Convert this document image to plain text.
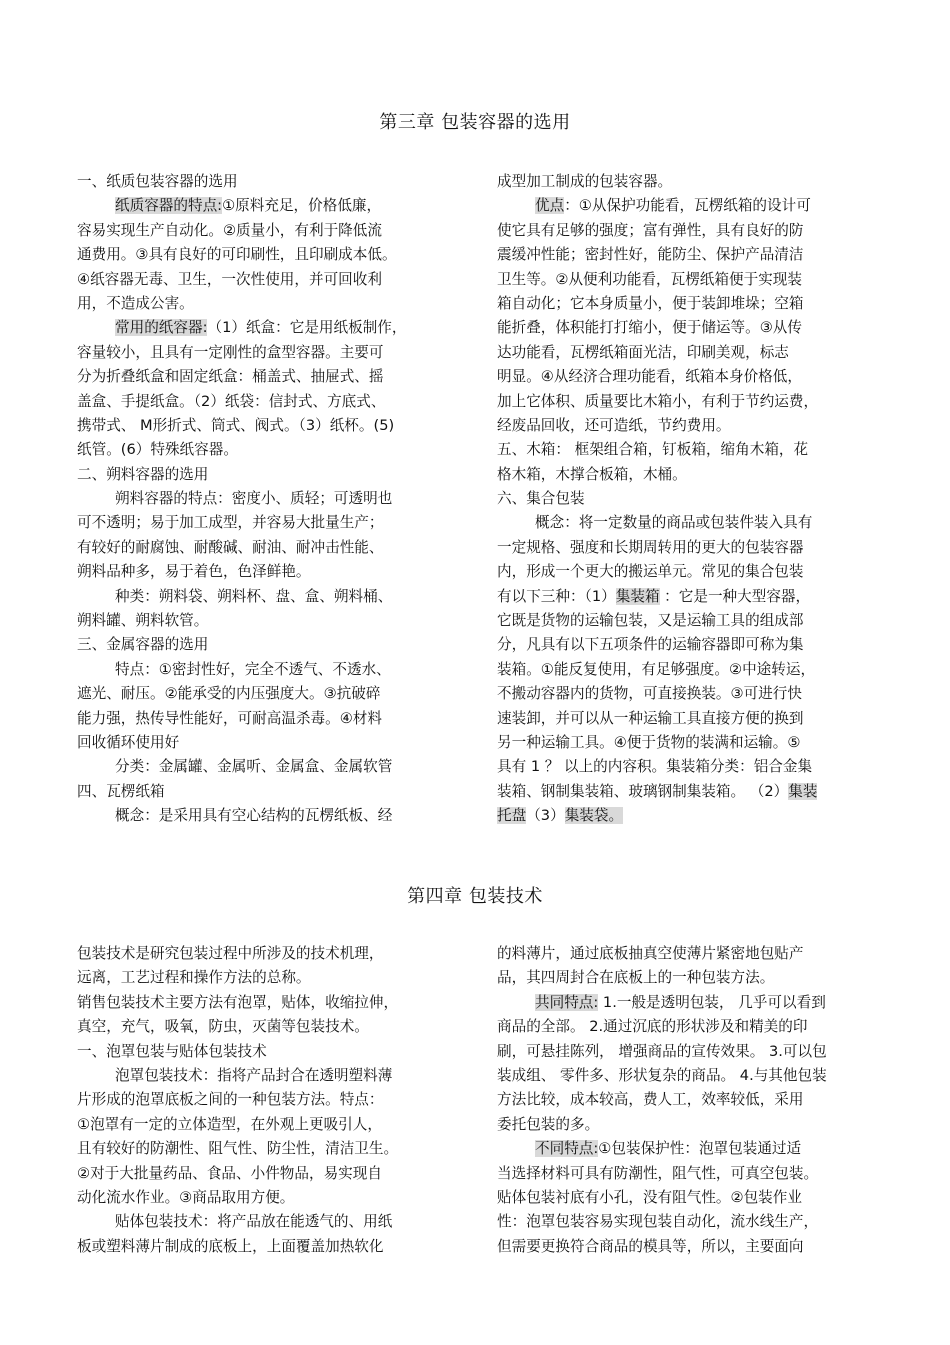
第三章 包装容器的选用
一、纸质包装容器的选用
纸质容器的特点:①原料充足，价格低廉，
容易实现生产自动化。②质量小，有利于降低流
通费用。③具有良好的可印刷性，且印刷成本低。
④纸容器无毒、卫生，一次性使用，并可回收利
用，不造成公害。
常用的纸容器:（1）纸盒：它是用纸板制作，
容量较小，且具有一定刚性的盒型容器。主要可
分为折叠纸盒和固定纸盒：桶盖式、抽屉式、摇
盖盒、手提纸盒。（2）纸袋：信封式、方底式、
携带式、 M形折式、筒式、阀式。（3）纸杯。(5)
纸管。(6）特殊纸容器。
二、朔料容器的选用
朔料容器的特点：密度小、质轻；可透明也
可不透明；易于加工成型，并容易大批量生产；
有较好的耐腐蚀、耐酸碱、耐油、耐冲击性能、
朔料品种多，易于着色，色泽鲜艳。
种类：朔料袋、朔料杯、盘、盒、朔料桶、
朔料罐、朔料软管。
三、金属容器的选用
特点：①密封性好，完全不透气、不透水、
遮光、耐压。②能承受的内压强度大。③抗破碎
能力强，热传导性能好，可耐高温杀毒。④材料
回收循环使用好
分类：金属罐、金属听、金属盒、金属软管
四、瓦楞纸箱
概念：是采用具有空心结构的瓦楞纸板、经
成型加工制成的包装容器。
优点：①从保护功能看，瓦楞纸箱的设计可
使它具有足够的强度；富有弹性，具有良好的防
震缓冲性能；密封性好，能防尘、保护产品清洁
卫生等。②从便利功能看，瓦楞纸箱便于实现装
箱自动化；它本身质量小，便于装卸堆垛；空箱
能折叠，体积能打打缩小，便于储运等。③从传
达功能看，瓦楞纸箱面光洁，印刷美观，标志
明显。④从经济合理功能看，纸箱本身价格低，
加上它体积、质量要比木箱小，有利于节约运费，
经废品回收，还可造纸，节约费用。
五、木箱： 框架组合箱，钉板箱，缩角木箱，花
格木箱，木撑合板箱，木桶。
六、集合包装
概念：将一定数量的商品或包装件装入具有
一定规格、强度和长期周转用的更大的包装容器
内，形成一个更大的搬运单元。常见的集合包装
有以下三种：（1）集装箱 ：它是一种大型容器，
它既是货物的运输包装，又是运输工具的组成部
分，凡具有以下五项条件的运输容器即可称为集
装箱。①能反复使用，有足够强度。②中途转运，
不搬动容器内的货物，可直接换装。③可进行快
速装卸，并可以从一种运输工具直接方便的换到
另一种运输工具。④便于货物的装满和运输。⑤
具有 1 ？ 以上的内容积。集装箱分类：铝合金集
装箱、钢制集装箱、玻璃钢制集装箱。 （2）集装
托盘（3）集装袋。
第四章 包装技术
包装技术是研究包装过程中所涉及的技术机理，
远离，工艺过程和操作方法的总称。
销售包装技术主要方法有泡罩，贴体，收缩拉伸，
真空，充气，吸氧，防虫，灭菌等包装技术。
一、泡罩包装与贴体包装技术
泡罩包装技术：指将产品封合在透明塑料薄
片形成的泡罩底板之间的一种包装方法。特点：
①泡罩有一定的立体造型，在外观上更吸引人，
且有较好的防潮性、阻气性、防尘性，清洁卫生。
②对于大批量药品、食品、小件物品，易实现自
动化流水作业。③商品取用方便。
贴体包装技术：将产品放在能透气的、用纸
板或塑料薄片制成的底板上，上面覆盖加热软化
的料薄片，通过底板抽真空使薄片紧密地包贴产
品，其四周封合在底板上的一种包装方法。
共同特点: 1.一般是透明包装， 几乎可以看到
商品的全部。 2.通过沉底的形状涉及和精美的印
刷，可悬挂陈列， 增强商品的宣传效果。 3.可以包
装成组、 零件多、形状复杂的商品。 4.与其他包装
方法比较，成本较高，费人工，效率较低，采用
委托包装的多。
不同特点:①包装保护性：泡罩包装通过适
当选择材料可具有防潮性，阻气性，可真空包装。
贴体包装衬底有小孔，没有阻气性。②包装作业
性：泡罩包装容易实现包装自动化，流水线生产，
但需要更换符合商品的模具等，所以，主要面向
